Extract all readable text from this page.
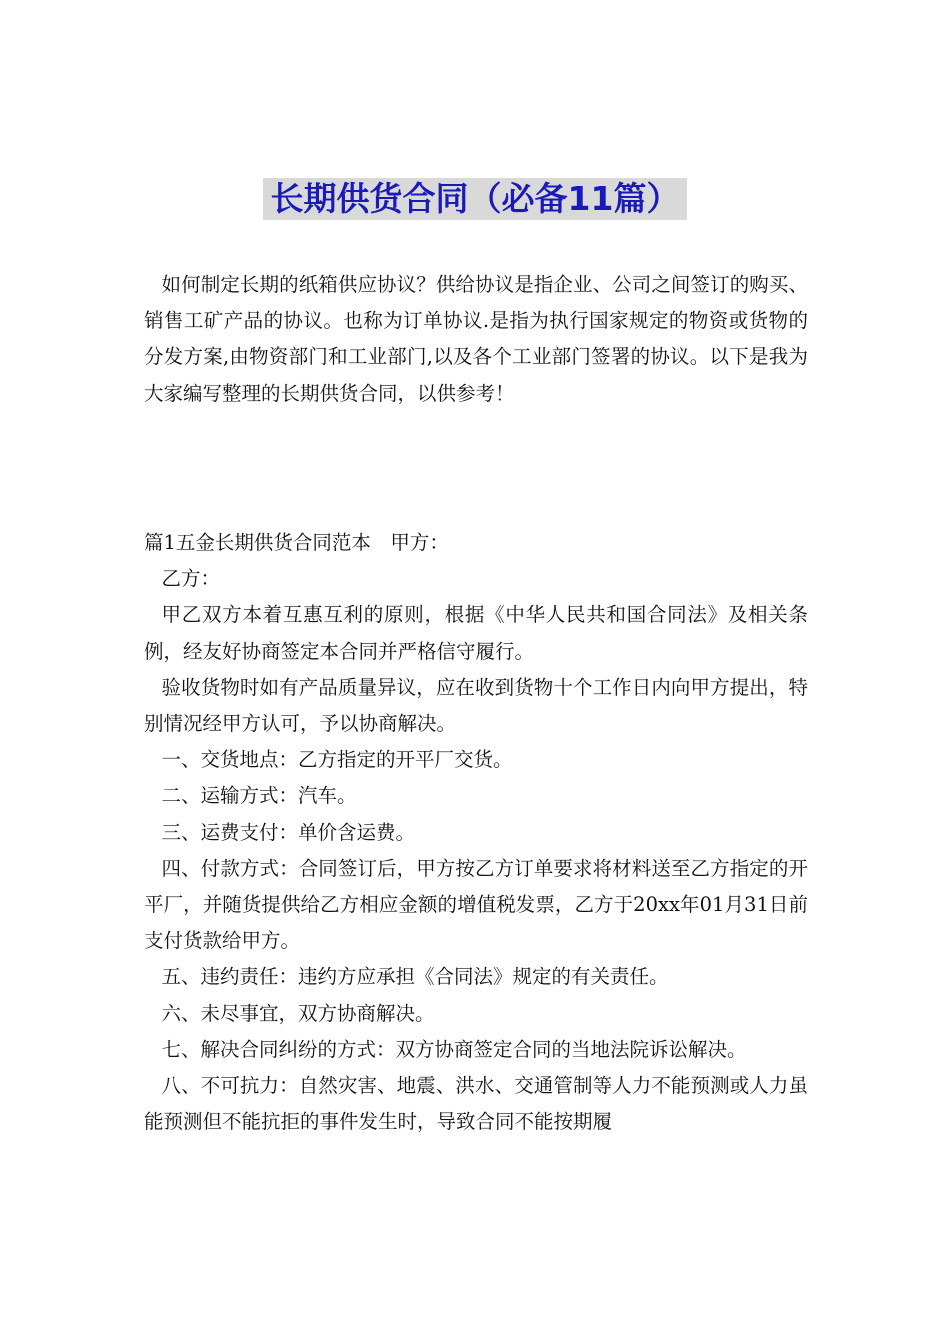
长期供货合同（必备11篇）

如何制定长期的纸箱供应协议？供给协议是指企业、公司之间签订的购买、销售工矿产品的协议。也称为订单协议.是指为执行国家规定的物资或货物的分发方案,由物资部门和工业部门,以及各个工业部门签署的协议。以下是我为大家编写整理的长期供货合同，以供参考！

篇1五金长期供货合同范本　甲方：

乙方：

甲乙双方本着互惠互利的原则，根据《中华人民共和国合同法》及相关条例，经友好协商签定本合同并严格信守履行。

验收货物时如有产品质量异议，应在收到货物十个工作日内向甲方提出，特别情况经甲方认可，予以协商解决。

一、交货地点：乙方指定的开平厂交货。

二、运输方式：汽车。

三、运费支付：单价含运费。

四、付款方式：合同签订后，甲方按乙方订单要求将材料送至乙方指定的开平厂，并随货提供给乙方相应金额的增值税发票，乙方于20xx年01月31日前支付货款给甲方。

五、违约责任：违约方应承担《合同法》规定的有关责任。

六、未尽事宜，双方协商解决。

七、解决合同纠纷的方式：双方协商签定合同的当地法院诉讼解决。

八、不可抗力：自然灾害、地震、洪水、交通管制等人力不能预测或人力虽能预测但不能抗拒的事件发生时，导致合同不能按期履
